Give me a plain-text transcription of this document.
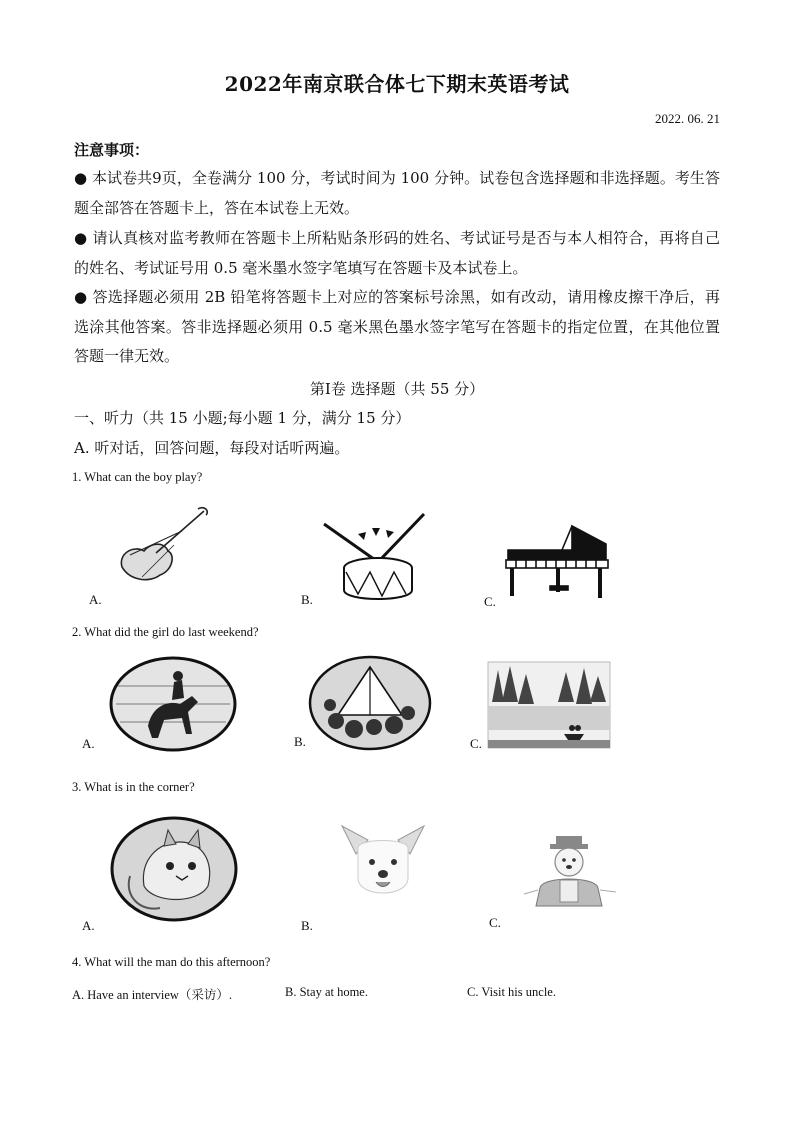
2022年南京联合体七下期末英语考试
2022. 06. 21
注意事项：
● 本试卷共9页，全卷满分 100 分，考试时间为 100 分钟。试卷包含选择题和非选择题。考生答题全部答在答题卡上，答在本试卷上无效。
● 请认真核对监考教师在答题卡上所粘贴条形码的姓名、考试证号是否与本人相符合，再将自己的姓名、考试证号用 0.5 毫米墨水签字笔填写在答题卡及本试卷上。
● 答选择题必须用 2B 铅笔将答题卡上对应的答案标号涂黑，如有改动，请用橡皮擦干净后，再选涂其他答案。答非选择题必须用 0.5 毫米黑色墨水签字笔写在答题卡的指定位置，在其他位置答题一律无效。
第Ⅰ卷 选择题（共 55 分）
一、听力（共 15 小题;每小题 1 分，满分 15 分）
A. 听对话，回答问题，每段对话听两遍。
1. What can the boy play?
A.	B.	C.
2. What did the girl do last weekend?
A.	B.	C.
3. What is in the corner?
A.	B.	C.
4. What will the man do this afternoon?
A. Have an interview（采访）.	B. Stay at home.	C. Visit his uncle.
